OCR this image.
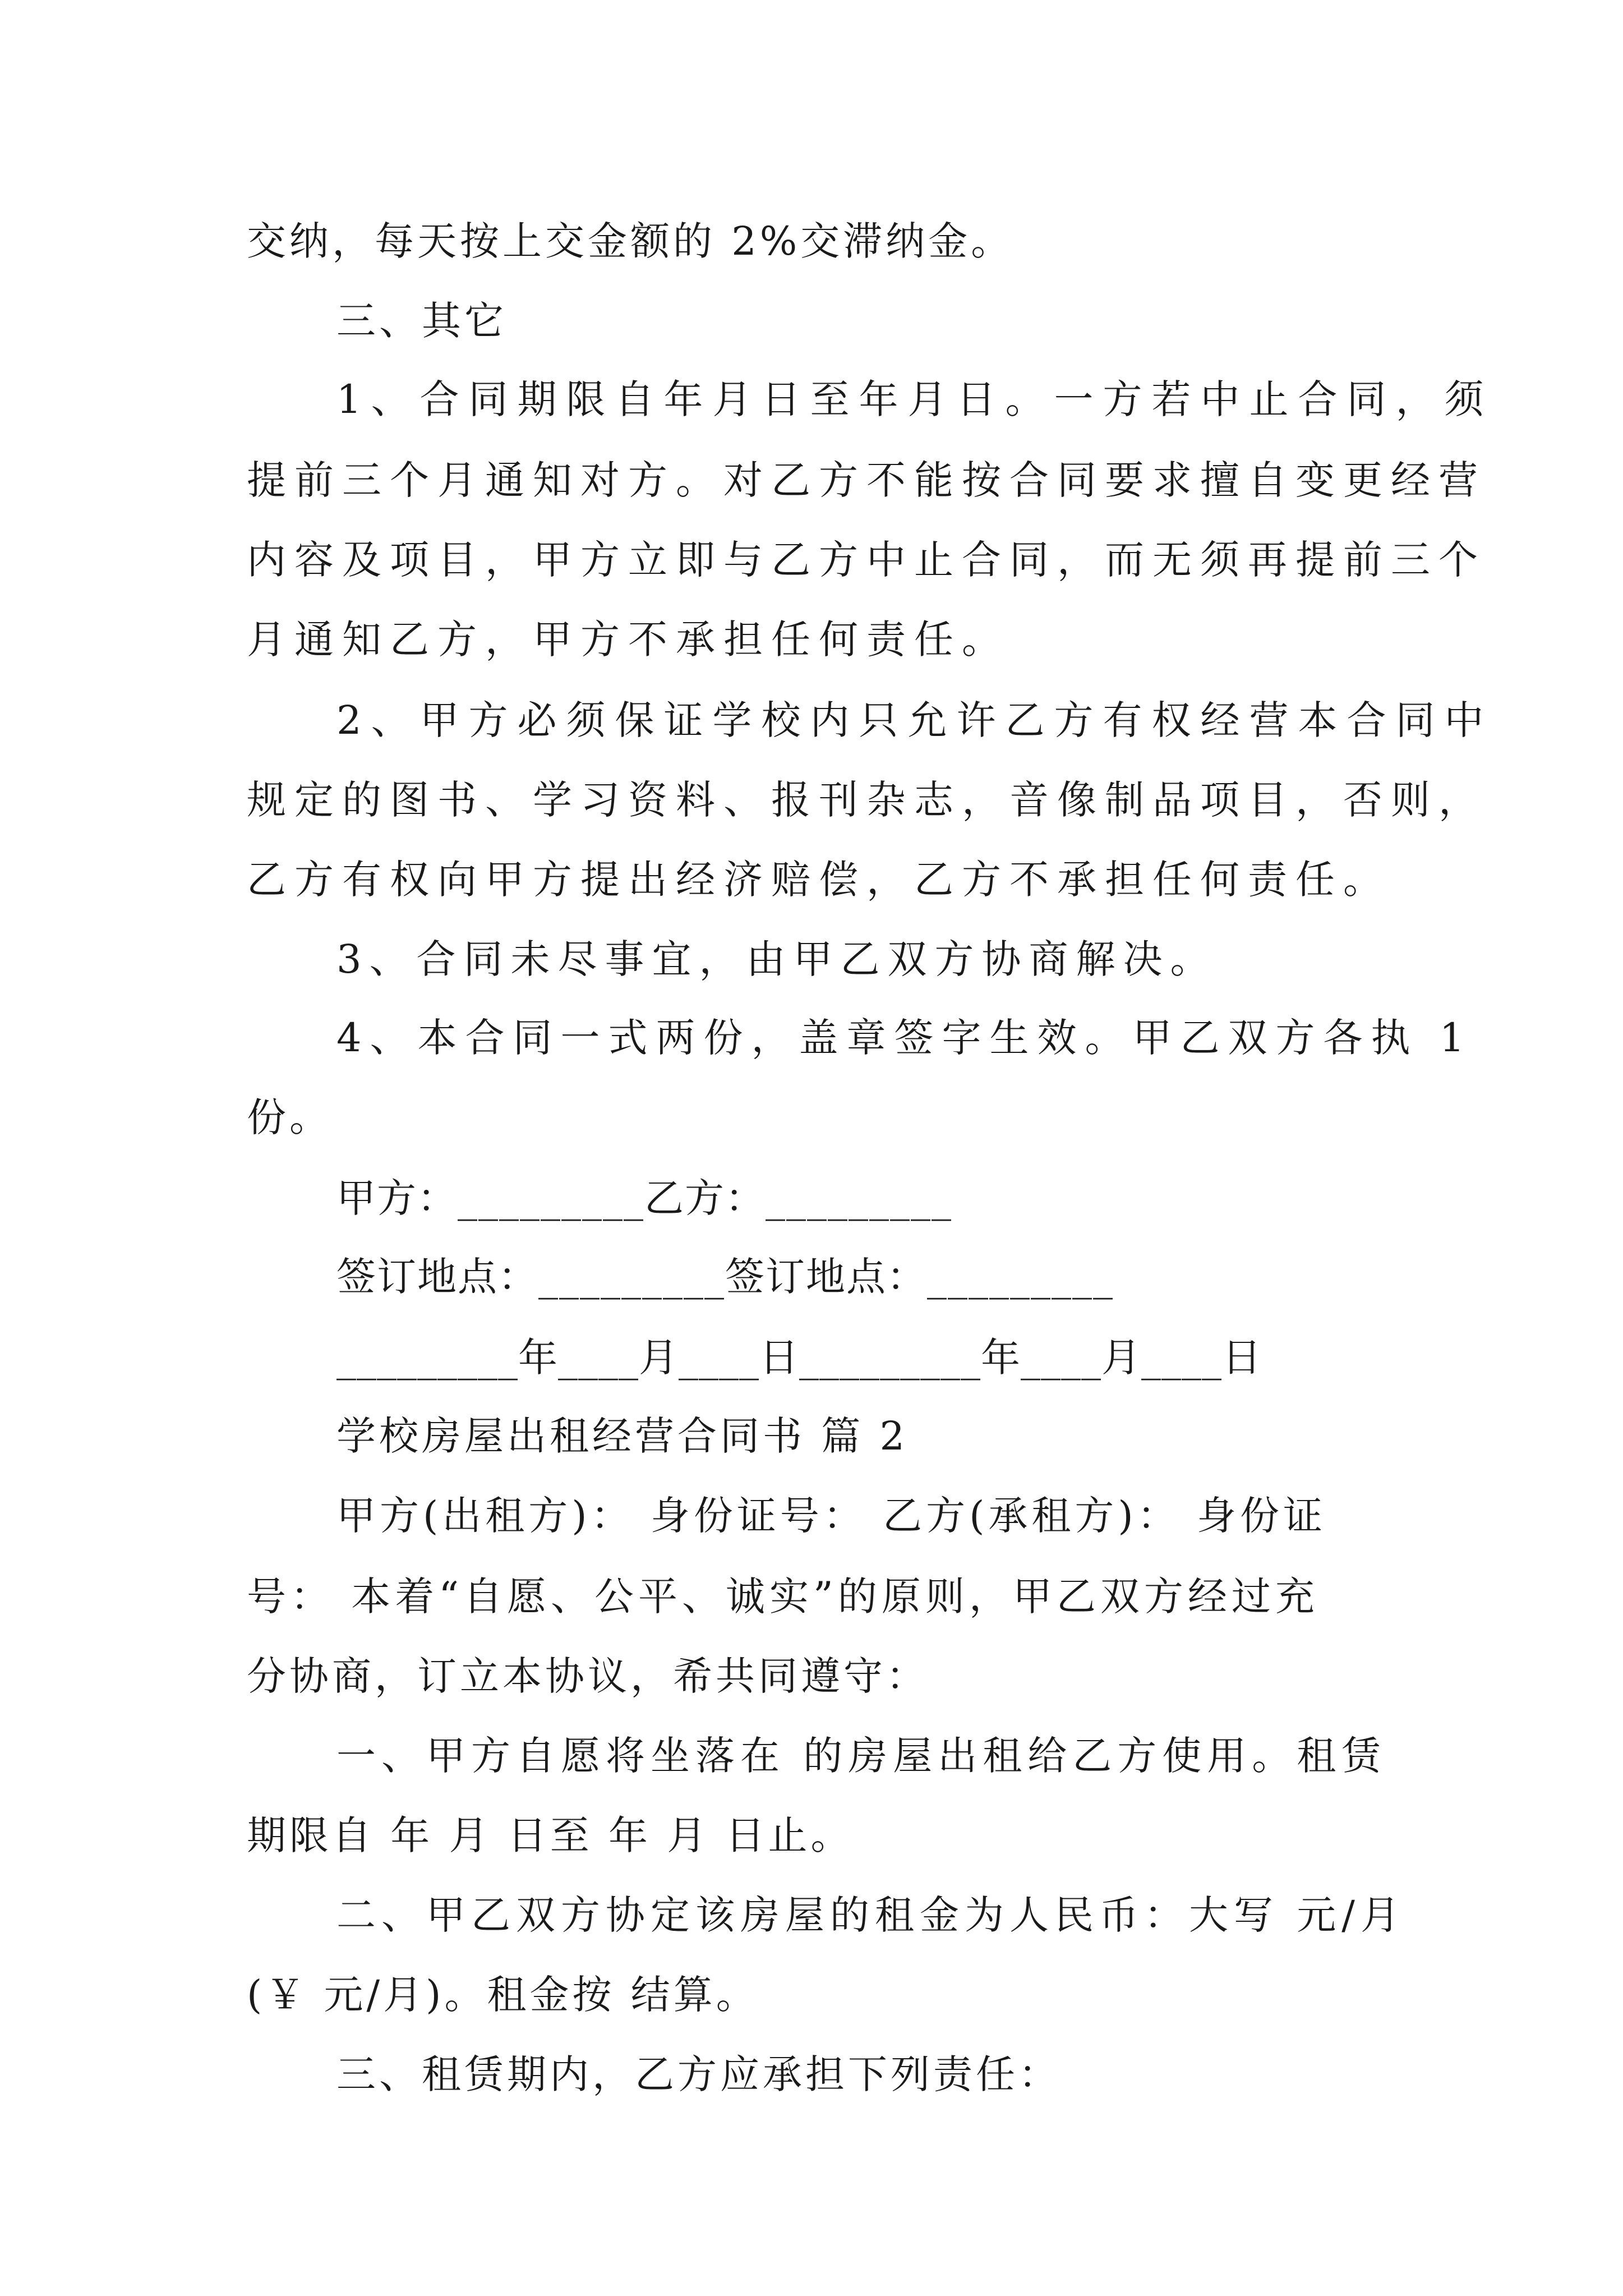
交纳，每天按上交金额的 2%交滞纳金。
三、其它
1、合同期限自年月日至年月日。一方若中止合同，须
提前三个月通知对方。对乙方不能按合同要求擅自变更经营
内容及项目，甲方立即与乙方中止合同，而无须再提前三个
月通知乙方，甲方不承担任何责任。
2、甲方必须保证学校内只允许乙方有权经营本合同中
规定的图书、学习资料、报刊杂志，音像制品项目，否则，
乙方有权向甲方提出经济赔偿，乙方不承担任何责任。
3、合同未尽事宜，由甲乙双方协商解决。
4、本合同一式两份，盖章签字生效。甲乙双方各执 1
份。
甲方：_________乙方：_________
签订地点：_________签订地点：_________
_________年____月____日_________年____月____日
学校房屋出租经营合同书 篇 2
甲方(出租方)： 身份证号： 乙方(承租方)： 身份证
号： 本着“自愿、公平、诚实”的原则，甲乙双方经过充
分协商，订立本协议，希共同遵守：
一、甲方自愿将坐落在 的房屋出租给乙方使用。租赁
期限自 年 月 日至 年 月 日止。
二、甲乙双方协定该房屋的租金为人民币：大写 元/月
(￥ 元/月)。租金按 结算。
三、租赁期内，乙方应承担下列责任：
